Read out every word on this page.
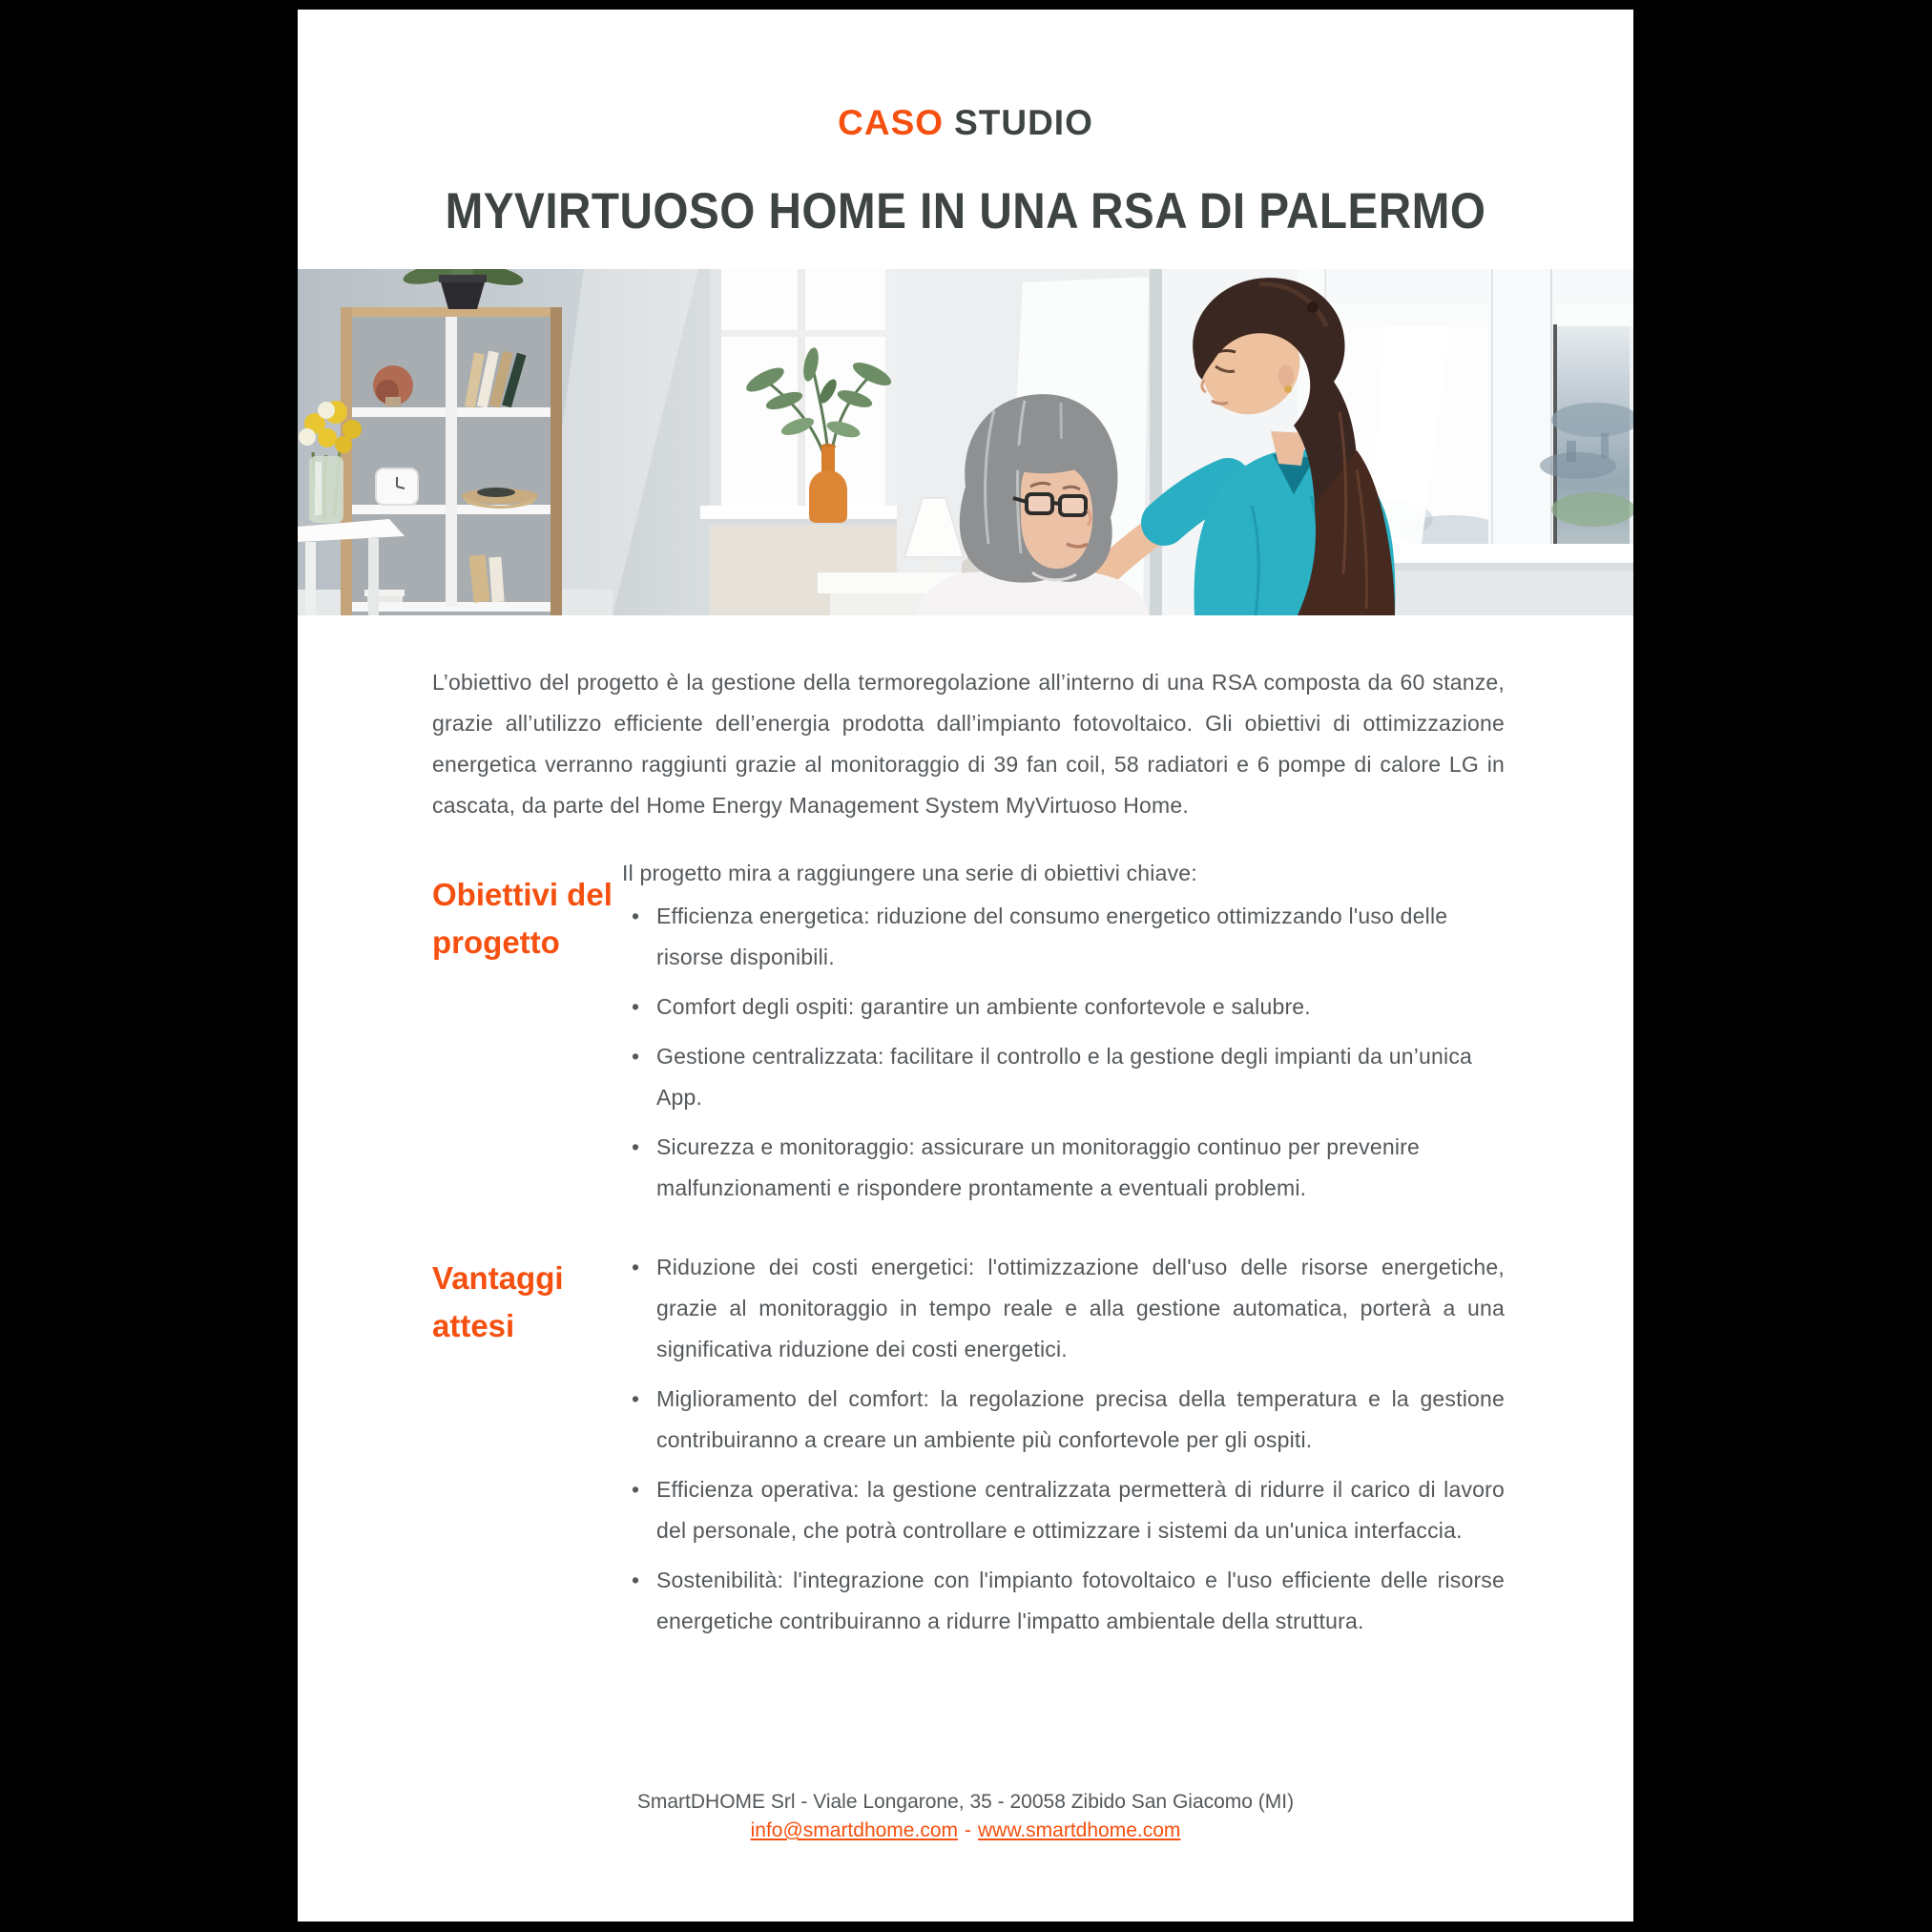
CASO STUDIO
MYVIRTUOSO HOME IN UNA RSA DI PALERMO

L’obiettivo del progetto è la gestione della termoregolazione all’interno di una RSA composta da 60 stanze, grazie all’utilizzo efficiente dell’energia prodotta dall’impianto fotovoltaico. Gli obiettivi di ottimizzazione energetica verranno raggiunti grazie al monitoraggio di 39 fan coil, 58 radiatori e 6 pompe di calore LG in cascata, da parte del Home Energy Management System MyVirtuoso Home.

Obiettivi del progetto

Il progetto mira a raggiungere una serie di obiettivi chiave:

• Efficienza energetica: riduzione del consumo energetico ottimizzando l'uso delle risorse disponibili.
• Comfort degli ospiti: garantire un ambiente confortevole e salubre.
• Gestione centralizzata: facilitare il controllo e la gestione degli impianti da un’unica App.
• Sicurezza e monitoraggio: assicurare un monitoraggio continuo per prevenire malfunzionamenti e rispondere prontamente a eventuali problemi.
Vantaggi attesi
• Riduzione dei costi energetici: l'ottimizzazione dell'uso delle risorse energetiche, grazie al monitoraggio in tempo reale e alla gestione automatica, porterà a una significativa riduzione dei costi energetici.
• Miglioramento del comfort: la regolazione precisa della temperatura e la gestione contribuiranno a creare un ambiente più confortevole per gli ospiti.
• Efficienza operativa: la gestione centralizzata permetterà di ridurre il carico di lavoro del personale, che potrà controllare e ottimizzare i sistemi da un'unica interfaccia.
• Sostenibilità: l'integrazione con l'impianto fotovoltaico e l'uso efficiente delle risorse energetiche contribuiranno a ridurre l'impatto ambientale della struttura.
SmartDHOME Srl - Viale Longarone, 35 - 20058 Zibido San Giacomo (MI)
info@smartdhome.com - www.smartdhome.com
